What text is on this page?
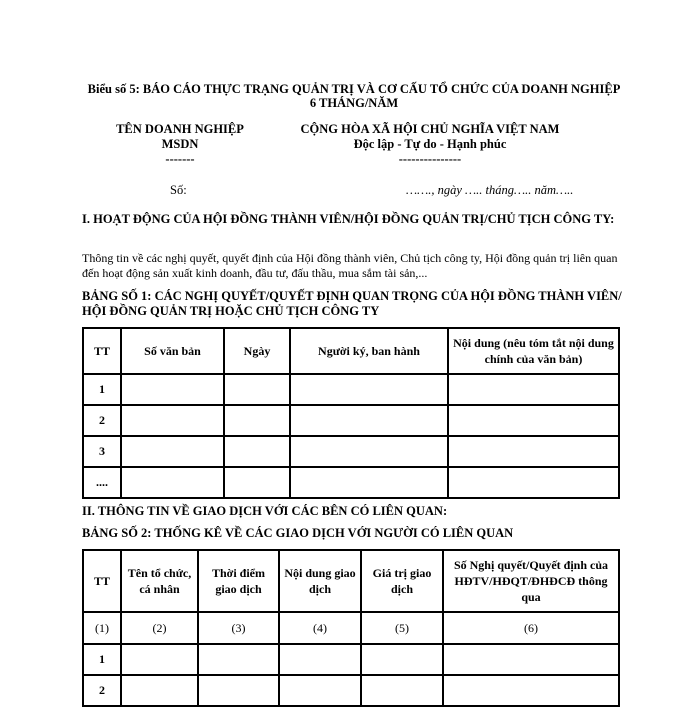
Biểu số 5: BÁO CÁO THỰC TRẠNG QUẢN TRỊ VÀ CƠ CẤU TỔ CHỨC CỦA DOANH NGHIỆP 6 THÁNG/NĂM
TÊN DOANH NGHIỆP
MSDN
-------
CỘNG HÒA XÃ HỘI CHỦ NGHĨA VIỆT NAM
Độc lập - Tự do - Hạnh phúc
---------------
Số:	……., ngày ….. tháng….. năm…..
I. HOẠT ĐỘNG CỦA HỘI ĐỒNG THÀNH VIÊN/HỘI ĐỒNG QUẢN TRỊ/CHỦ TỊCH CÔNG TY:
Thông tin về các nghị quyết, quyết định của Hội đồng thành viên, Chủ tịch công ty, Hội đồng quản trị liên quan đến hoạt động sản xuất kinh doanh, đầu tư, đấu thầu, mua sắm tài sản,...
BẢNG SỐ 1: CÁC NGHỊ QUYẾT/QUYẾT ĐỊNH QUAN TRỌNG CỦA HỘI ĐỒNG THÀNH VIÊN/ HỘI ĐỒNG QUẢN TRỊ HOẶC CHỦ TỊCH CÔNG TY
TT	Số văn bản	Ngày	Người ký, ban hành	Nội dung (nêu tóm tắt nội dung chính của văn bản)
1				
2				
3				
....				
II. THÔNG TIN VỀ GIAO DỊCH VỚI CÁC BÊN CÓ LIÊN QUAN:
BẢNG SỐ 2: THỐNG KÊ VỀ CÁC GIAO DỊCH VỚI NGƯỜI CÓ LIÊN QUAN
TT	Tên tổ chức, cá nhân	Thời điểm giao dịch	Nội dung giao dịch	Giá trị giao dịch	Số Nghị quyết/Quyết định của HĐTV/HĐQT/ĐHĐCĐ thông qua
(1)	(2)	(3)	(4)	(5)	(6)
1					
2					
